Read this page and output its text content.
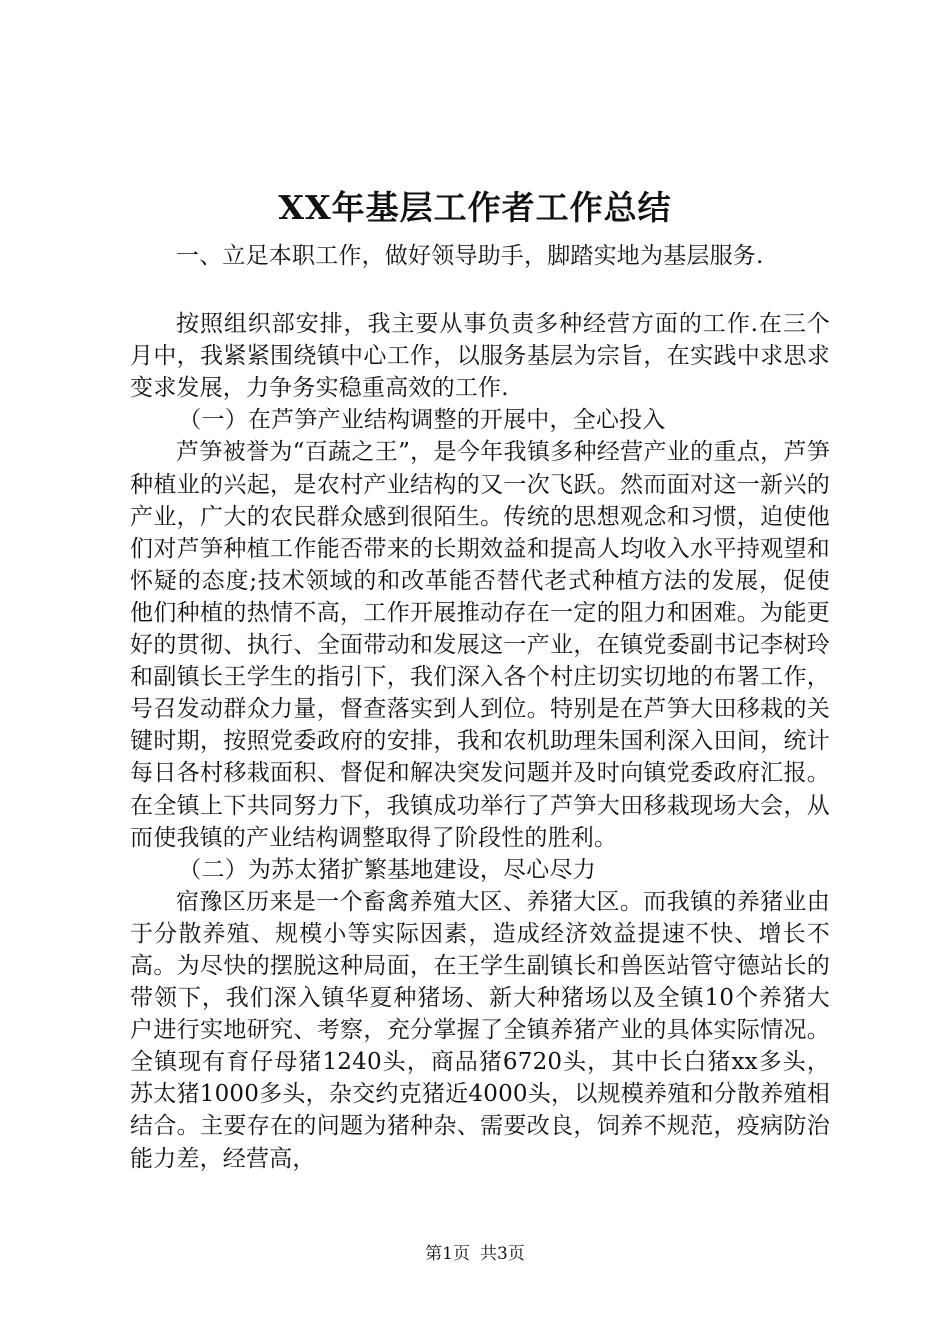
XX年基层工作者工作总结

一、立足本职工作，做好领导助手，脚踏实地为基层服务.

按照组织部安排，我主要从事负责多种经营方面的工作.在三个月中，我紧紧围绕镇中心工作，以服务基层为宗旨，在实践中求思求变求发展，力争务实稳重高效的工作.

（一）在芦笋产业结构调整的开展中，全心投入

芦笋被誉为“百蔬之王”，是今年我镇多种经营产业的重点，芦笋种植业的兴起，是农村产业结构的又一次飞跃。然而面对这一新兴的产业，广大的农民群众感到很陌生。传统的思想观念和习惯，迫使他们对芦笋种植工作能否带来的长期效益和提高人均收入水平持观望和怀疑的态度;技术领域的和改革能否替代老式种植方法的发展，促使他们种植的热情不高，工作开展推动存在一定的阻力和困难。为能更好的贯彻、执行、全面带动和发展这一产业，在镇党委副书记李树玲和副镇长王学生的指引下，我们深入各个村庄切实切地的布署工作，号召发动群众力量，督查落实到人到位。特别是在芦笋大田移栽的关键时期，按照党委政府的安排，我和农机助理朱国利深入田间，统计每日各村移栽面积、督促和解决突发问题并及时向镇党委政府汇报。在全镇上下共同努力下，我镇成功举行了芦笋大田移栽现场大会，从而使我镇的产业结构调整取得了阶段性的胜利。

（二）为苏太猪扩繁基地建设，尽心尽力

宿豫区历来是一个畜禽养殖大区、养猪大区。而我镇的养猪业由于分散养殖、规模小等实际因素，造成经济效益提速不快、增长不高。为尽快的摆脱这种局面，在王学生副镇长和兽医站管守德站长的带领下，我们深入镇华夏种猪场、新大种猪场以及全镇10个养猪大户进行实地研究、考察，充分掌握了全镇养猪产业的具体实际情况。全镇现有育仔母猪1240头，商品猪6720头，其中长白猪xx多头，苏太猪1000多头，杂交约克猪近4000头，以规模养殖和分散养殖相结合。主要存在的问题为猪种杂、需要改良，饲养不规范，疫病防治能力差，经营高，

第1页 共3页
